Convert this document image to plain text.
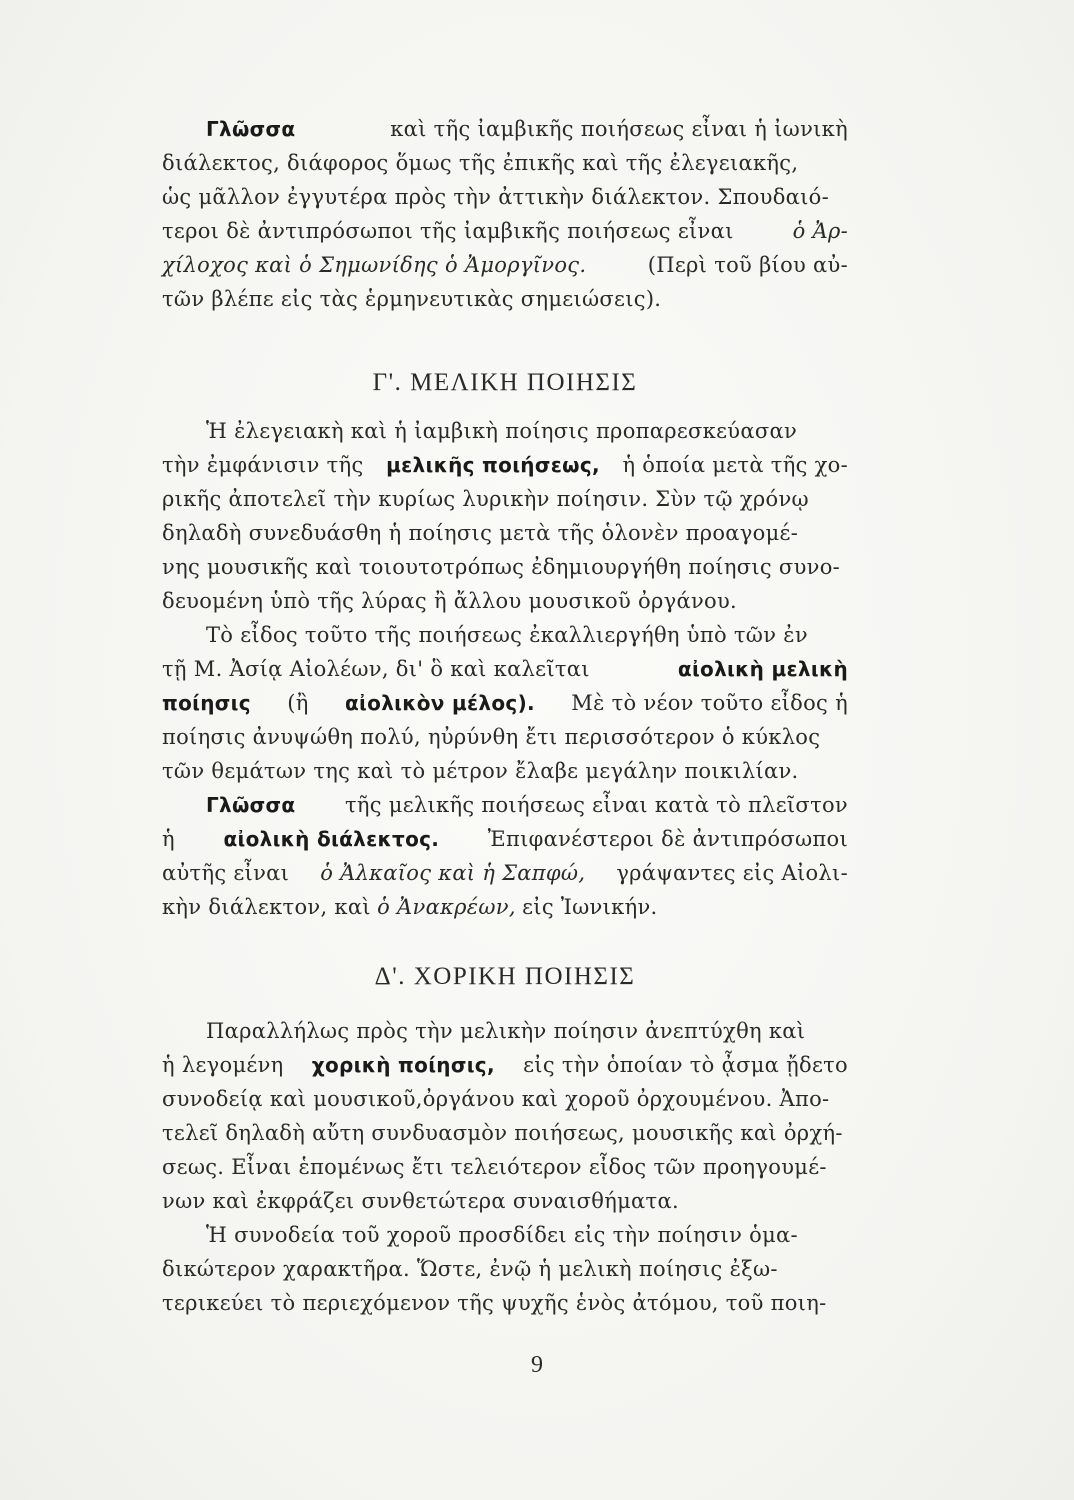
Γλῶσσα	καὶ τῆς ἰαμβικῆς ποιήσεως εἶναι ἡ ἰωνικὴ
διάλεκτος, διάφορος ὅμως τῆς ἐπικῆς καὶ τῆς ἐλεγειακῆς,
ὡς μᾶλλον ἐγγυτέρα πρὸς τὴν ἀττικὴν διάλεκτον. Σπουδαιό-
τεροι δὲ ἀντιπρόσωποι τῆς ἰαμβικῆς ποιήσεως εἶναι	ὁ Ἀρ-
χίλοχος καὶ ὁ Σημωνίδης ὁ Ἀμοργῖνος.	(Περὶ τοῦ βίου αὐ-
τῶν βλέπε εἰς τὰς ἑρμηνευτικὰς σημειώσεις).
Γ'. ΜΕΛΙΚΗ ΠΟΙΗΣΙΣ
Ἡ ἐλεγειακὴ καὶ ἡ ἰαμβικὴ ποίησις προπαρεσκεύασαν
τὴν ἐμφάνισιν τῆς μελικῆς ποιήσεως, ἡ ὁποία μετὰ τῆς χο-
ρικῆς ἀποτελεῖ τὴν κυρίως λυρικὴν ποίησιν. Σὺν τῷ χρόνῳ
δηλαδὴ συνεδυάσθη ἡ ποίησις μετὰ τῆς ὁλονὲν προαγομέ-
νης μουσικῆς καὶ τοιουτοτρόπως ἐδημιουργήθη ποίησις συνο-
δευομένη ὑπὸ τῆς λύρας ἢ ἄλλου μουσικοῦ ὀργάνου.
Τὸ εἶδος τοῦτο τῆς ποιήσεως ἐκαλλιεργήθη ὑπὸ τῶν ἐν
τῇ Μ. Ἀσίᾳ Αἰολέων, δι' ὃ καὶ καλεῖται	αἰολικὴ μελικὴ
ποίησις (ἢ αἰολικὸν μέλος). Μὲ τὸ νέον τοῦτο εἶδος ἡ
ποίησις ἀνυψώθη πολύ, ηὐρύνθη ἔτι περισσότερον ὁ κύκλος
τῶν θεμάτων της καὶ τὸ μέτρον ἔλαβε μεγάλην ποικιλίαν.
Γλῶσσα τῆς μελικῆς ποιήσεως εἶναι κατὰ τὸ πλεῖστον
ἡ αἰολικὴ διάλεκτος. Ἐπιφανέστεροι δὲ ἀντιπρόσωποι
αὐτῆς εἶναι ὁ Ἀλκαῖος καὶ ἡ Σαπφώ, γράψαντες εἰς Αἰολι-
κὴν διάλεκτον, καὶ ὁ Ἀνακρέων, εἰς Ἰωνικήν.
Δ'. ΧΟΡΙΚΗ ΠΟΙΗΣΙΣ
Παραλλήλως πρὸς τὴν μελικὴν ποίησιν ἀνεπτύχθη καὶ
ἡ λεγομένη χορικὴ ποίησις, εἰς τὴν ὁποίαν τὸ ᾆσμα ᾔδετο
συνοδείᾳ καὶ μουσικοῦ,ὀργάνου καὶ χοροῦ ὀρχουμένου. Ἀπο-
τελεῖ δηλαδὴ αὔτη συνδυασμὸν ποιήσεως, μουσικῆς καὶ ὀρχή-
σεως. Εἶναι ἑπομένως ἔτι τελειότερον εἶδος τῶν προηγουμέ-
νων καὶ ἐκφράζει συνθετώτερα συναισθήματα.
Ἡ συνοδεία τοῦ χοροῦ προσδίδει εἰς τὴν ποίησιν ὁμα-
δικώτερον χαρακτῆρα. Ὥστε, ἐνῷ ἡ μελικὴ ποίησις ἐξω-
τερικεύει τὸ περιεχόμενον τῆς ψυχῆς ἑνὸς ἀτόμου, τοῦ ποιη-
9
